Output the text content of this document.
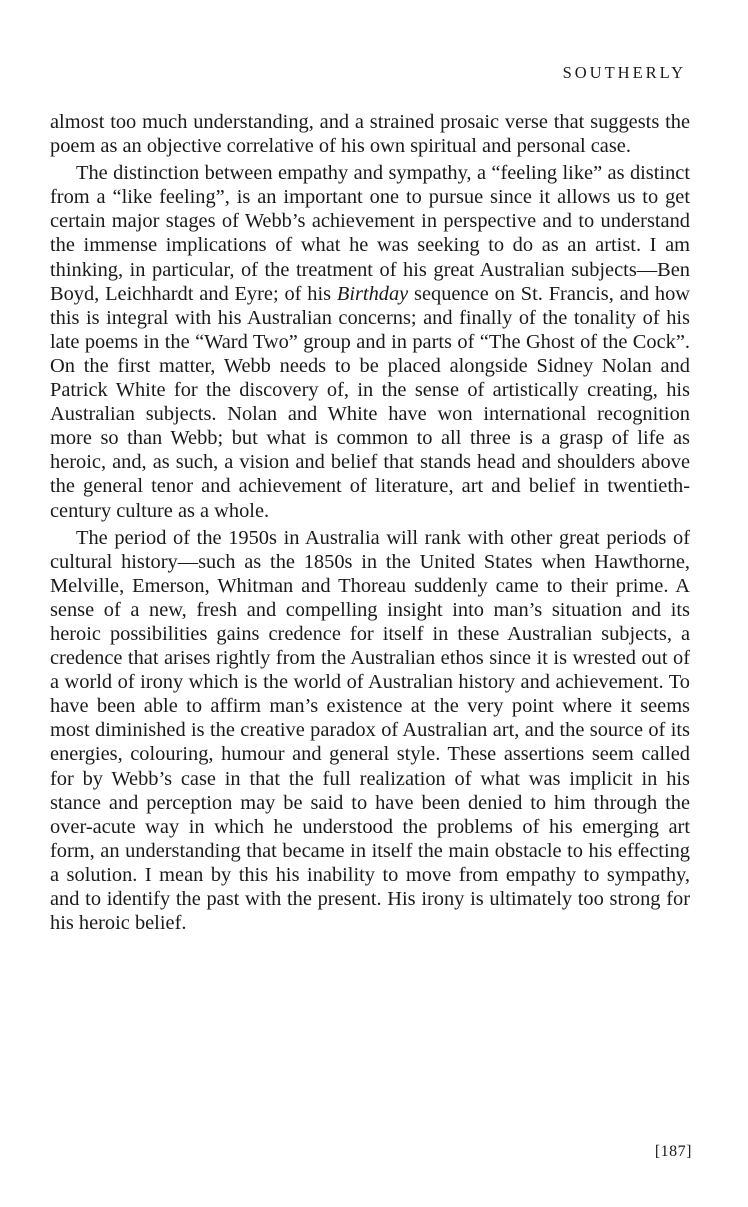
SOUTHERLY

almost too much understanding, and a strained prosaic verse that suggests the poem as an objective correlative of his own spiritual and personal case.

The distinction between empathy and sympathy, a “feeling like” as distinct from a “like feeling”, is an important one to pursue since it allows us to get certain major stages of Webb’s achievement in perspective and to understand the immense implications of what he was seeking to do as an artist. I am thinking, in particular, of the treatment of his great Australian subjects—Ben Boyd, Leichhardt and Eyre; of his Birthday sequence on St. Francis, and how this is integral with his Australian concerns; and finally of the tonality of his late poems in the “Ward Two” group and in parts of “The Ghost of the Cock”. On the first matter, Webb needs to be placed alongside Sidney Nolan and Patrick White for the discovery of, in the sense of artistically creating, his Australian subjects. Nolan and White have won international recognition more so than Webb; but what is common to all three is a grasp of life as heroic, and, as such, a vision and belief that stands head and shoulders above the general tenor and achievement of literature, art and belief in twentieth-century culture as a whole.

The period of the 1950s in Australia will rank with other great periods of cultural history—such as the 1850s in the United States when Hawthorne, Melville, Emerson, Whitman and Thoreau suddenly came to their prime. A sense of a new, fresh and compelling insight into man’s situation and its heroic possibilities gains credence for itself in these Australian subjects, a credence that arises rightly from the Australian ethos since it is wrested out of a world of irony which is the world of Australian history and achievement. To have been able to affirm man’s existence at the very point where it seems most diminished is the creative paradox of Australian art, and the source of its energies, colouring, humour and general style. These assertions seem called for by Webb’s case in that the full realization of what was implicit in his stance and perception may be said to have been denied to him through the over-acute way in which he understood the problems of his emerging art form, an understanding that became in itself the main obstacle to his effecting a solution. I mean by this his inability to move from empathy to sympathy, and to identify the past with the present. His irony is ultimately too strong for his heroic belief.

[187]
